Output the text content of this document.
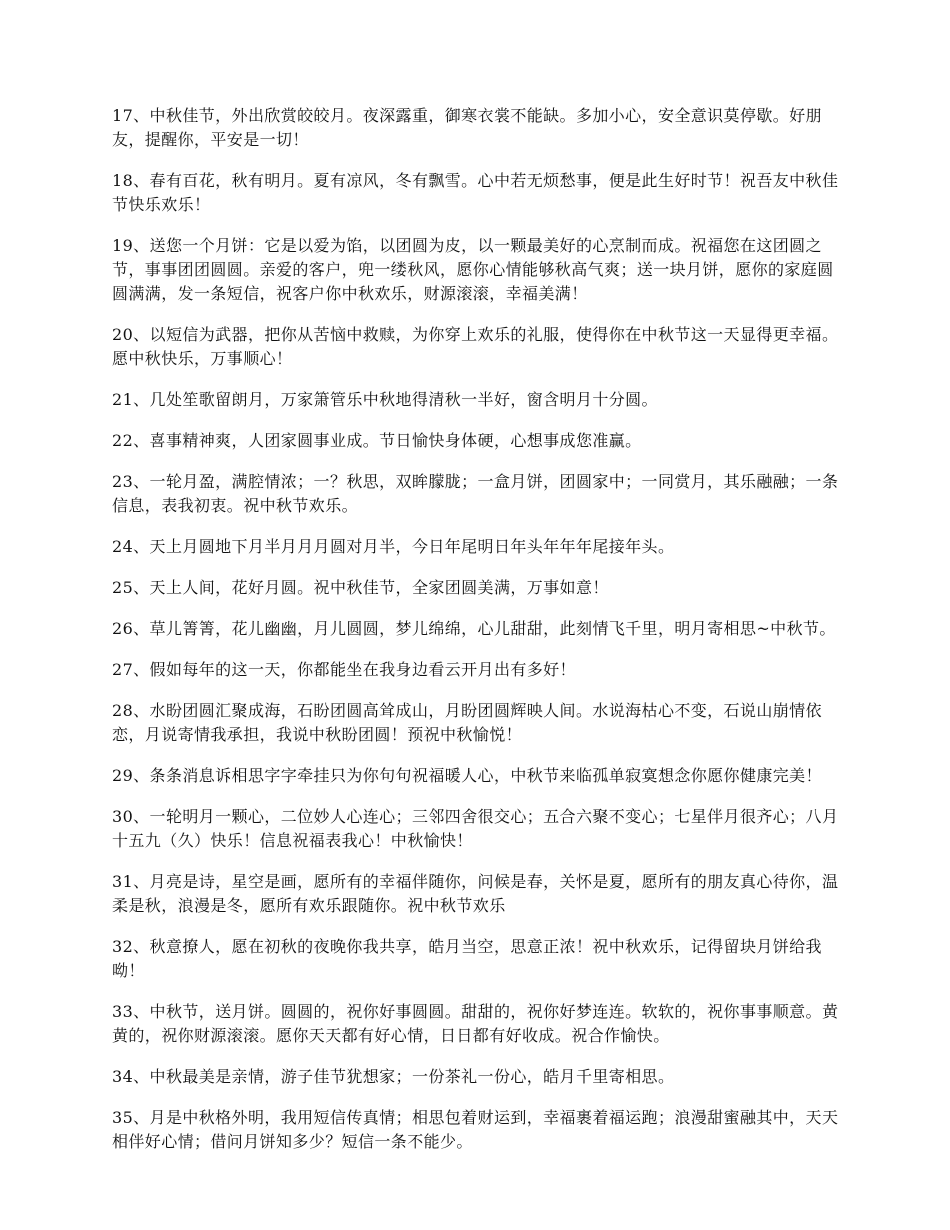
17、中秋佳节，外出欣赏皎皎月。夜深露重，御寒衣裳不能缺。多加小心，安全意识莫停歇。好朋友，提醒你，平安是一切！

18、春有百花，秋有明月。夏有凉风，冬有飘雪。心中若无烦愁事，便是此生好时节！祝吾友中秋佳节快乐欢乐！

19、送您一个月饼：它是以爱为馅，以团圆为皮，以一颗最美好的心烹制而成。祝福您在这团圆之节，事事团团圆圆。亲爱的客户，兜一缕秋风，愿你心情能够秋高气爽；送一块月饼，愿你的家庭圆圆满满，发一条短信，祝客户你中秋欢乐，财源滚滚，幸福美满！

20、以短信为武器，把你从苦恼中救赎，为你穿上欢乐的礼服，使得你在中秋节这一天显得更幸福。愿中秋快乐，万事顺心！

21、几处笙歌留朗月，万家箫管乐中秋地得清秋一半好，窗含明月十分圆。

22、喜事精神爽，人团家圆事业成。节日愉快身体硬，心想事成您准赢。

23、一轮月盈，满腔情浓；一？秋思，双眸朦胧；一盒月饼，团圆家中；一同赏月，其乐融融；一条信息，表我初衷。祝中秋节欢乐。

24、天上月圆地下月半月月月圆对月半，今日年尾明日年头年年年尾接年头。

25、天上人间，花好月圆。祝中秋佳节，全家团圆美满，万事如意！

26、草儿箐箐，花儿幽幽，月儿圆圆，梦儿绵绵，心儿甜甜，此刻情飞千里，明月寄相思~中秋节。

27、假如每年的这一天，你都能坐在我身边看云开月出有多好！

28、水盼团圆汇聚成海，石盼团圆高耸成山，月盼团圆辉映人间。水说海枯心不变，石说山崩情依恋，月说寄情我承担，我说中秋盼团圆！预祝中秋愉悦！

29、条条消息诉相思字字牵挂只为你句句祝福暖人心，中秋节来临孤单寂寞想念你愿你健康完美！

30、一轮明月一颗心，二位妙人心连心；三邻四舍很交心；五合六聚不变心；七星伴月很齐心；八月十五九（久）快乐！信息祝福表我心！中秋愉快！

31、月亮是诗，星空是画，愿所有的幸福伴随你，问候是春，关怀是夏，愿所有的朋友真心待你，温柔是秋，浪漫是冬，愿所有欢乐跟随你。祝中秋节欢乐

32、秋意撩人，愿在初秋的夜晚你我共享，皓月当空，思意正浓！祝中秋欢乐，记得留块月饼给我呦！

33、中秋节，送月饼。圆圆的，祝你好事圆圆。甜甜的，祝你好梦连连。软软的，祝你事事顺意。黄黄的，祝你财源滚滚。愿你天天都有好心情，日日都有好收成。祝合作愉快。

34、中秋最美是亲情，游子佳节犹想家；一份茶礼一份心，皓月千里寄相思。

35、月是中秋格外明，我用短信传真情；相思包着财运到，幸福裹着福运跑；浪漫甜蜜融其中，天天相伴好心情；借问月饼知多少？短信一条不能少。
